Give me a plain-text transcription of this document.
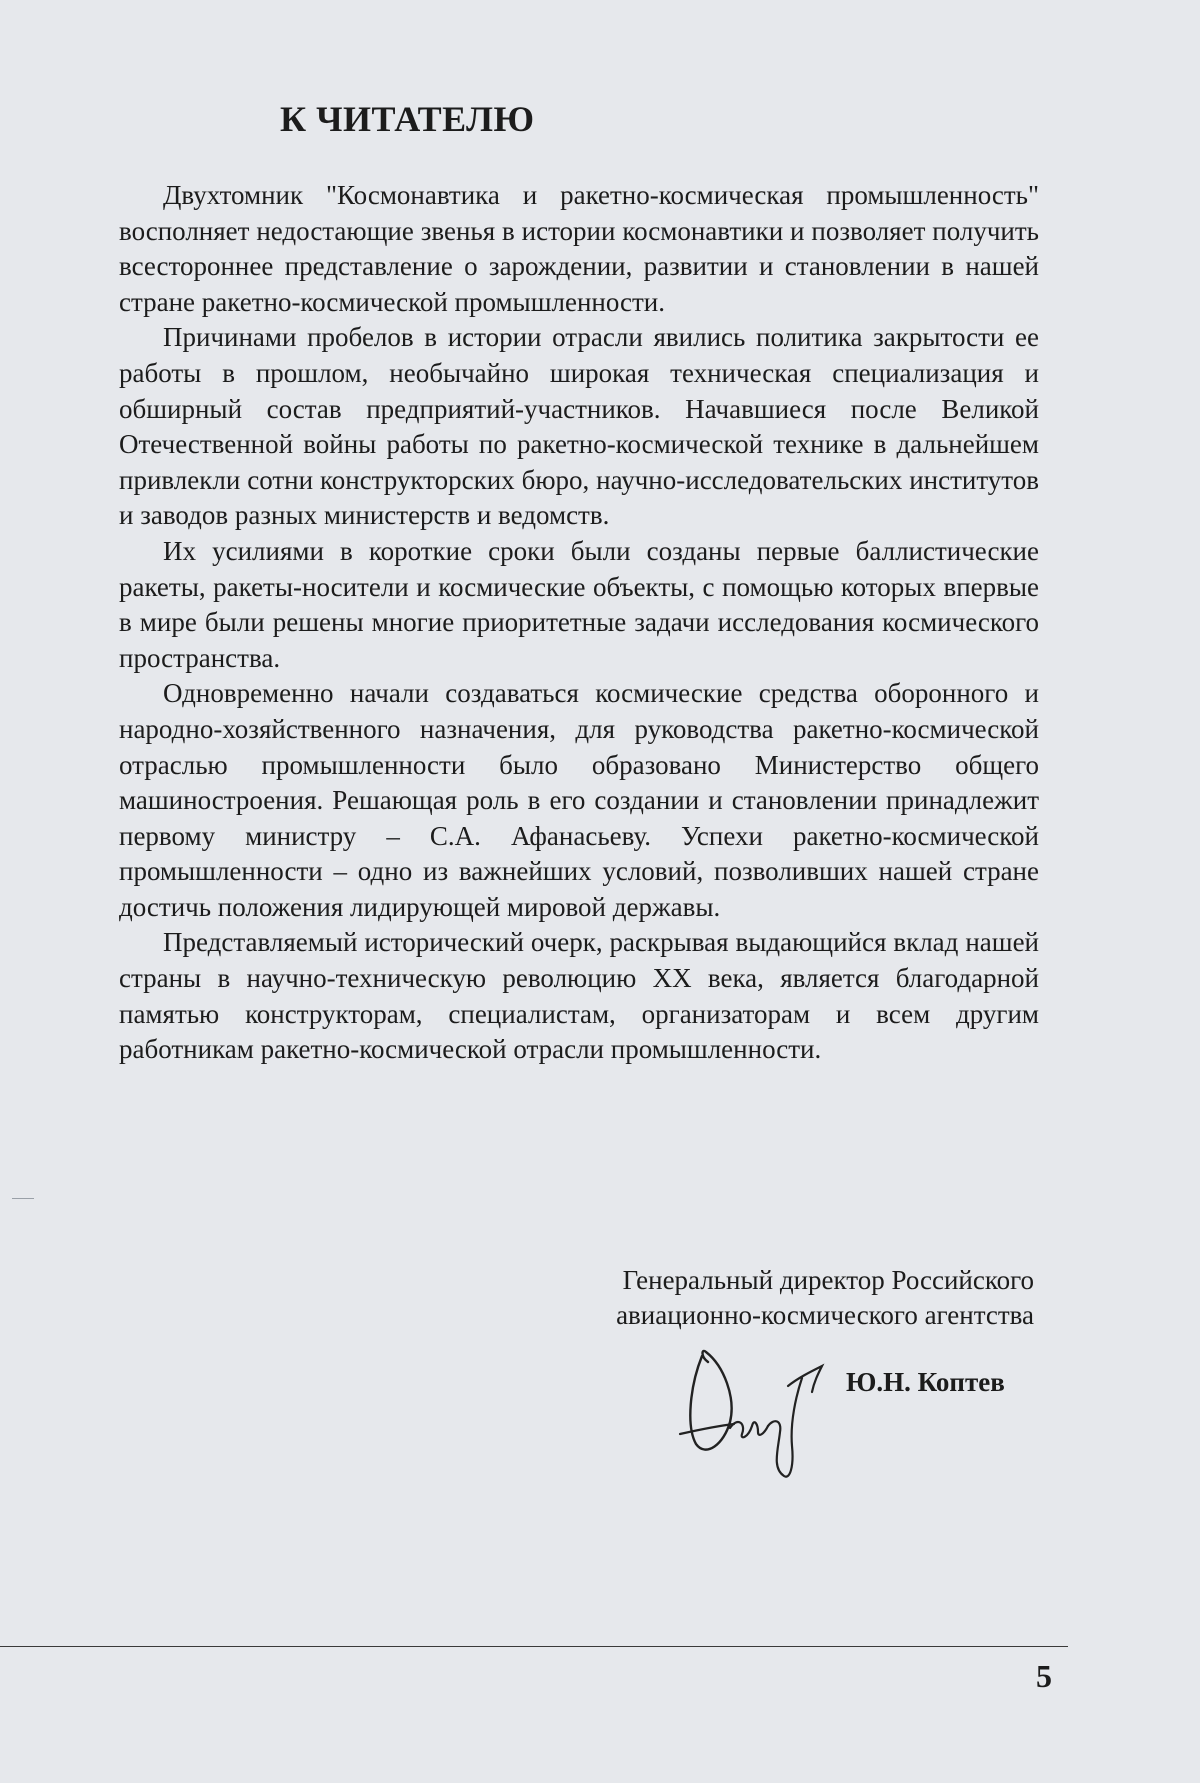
К ЧИТАТЕЛЮ

Двухтомник "Космонавтика и ракетно-космическая промышленность" восполняет недостающие звенья в истории космонавтики и позволяет получить всестороннее представление о зарождении, развитии и становлении в нашей стране ракетно-космической промышленности.

Причинами пробелов в истории отрасли явились политика закрытости ее работы в прошлом, необычайно широкая техническая специализация и обширный состав предприятий-участников. Начавшиеся после Великой Отечественной войны работы по ракетно-космической технике в дальнейшем привлекли сотни конструкторских бюро, научно-исследовательских институтов и заводов разных министерств и ведомств.

Их усилиями в короткие сроки были созданы первые баллистические ракеты, ракеты-носители и космические объекты, с помощью которых впервые в мире были решены многие приоритетные задачи исследования космического пространства.

Одновременно начали создаваться космические средства оборонного и народно-хозяйственного назначения, для руководства ракетно-космической отраслью промышленности было образовано Министерство общего машиностроения. Решающая роль в его создании и становлении принадлежит первому министру – С.А. Афанасьеву. Успехи ракетно-космической промышленности – одно из важнейших условий, позволивших нашей стране достичь положения лидирующей мировой державы.

Представляемый исторический очерк, раскрывая выдающийся вклад нашей страны в научно-техническую революцию XX века, является благодарной памятью конструкторам, специалистам, организаторам и всем другим работникам ракетно-космической отрасли промышленности.

Генеральный директор Российского
авиационно-космического агентства
Ю.Н. Коптев
5
